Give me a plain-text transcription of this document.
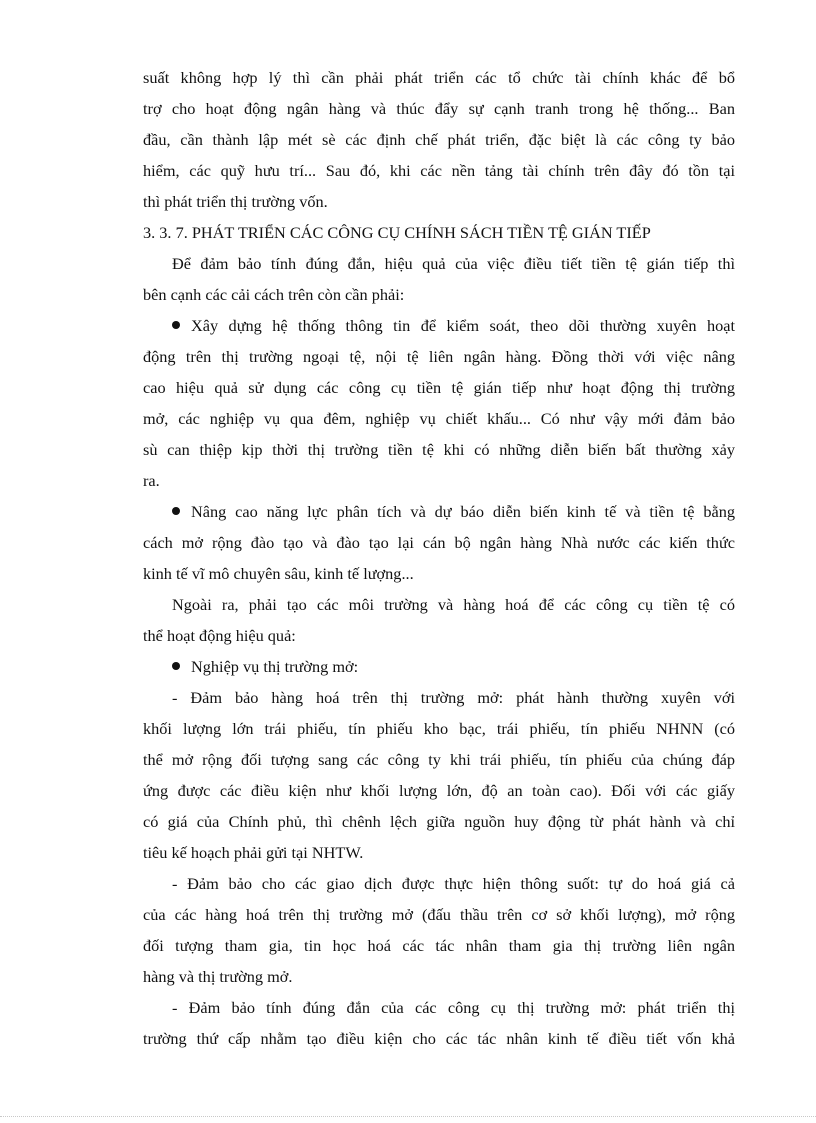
suất không hợp lý thì cần phải phát triển các tổ chức tài chính khác để bổ
trợ cho hoạt động ngân hàng và thúc đẩy sự cạnh tranh trong hệ thống... Ban
đầu, cần thành lập mét sè các định chế phát triển, đặc biệt là các công ty bảo
hiểm, các quỹ hưu trí... Sau đó, khi các nền tảng tài chính trên đây đó tồn tại
thì phát triển thị trường vốn.
3. 3. 7. PHÁT TRIỂN CÁC CÔNG CỤ CHÍNH SÁCH TIỀN TỆ GIÁN TIẾP
Để đảm bảo tính đúng đắn, hiệu quả của việc điều tiết tiền tệ gián tiếp thì
bên cạnh các cải cách trên còn cần phải:
Xây dựng hệ thống thông tin để kiểm soát, theo dõi thường xuyên hoạt
động trên thị trường ngoại tệ, nội tệ liên ngân hàng. Đồng thời với việc nâng
cao hiệu quả sử dụng các công cụ tiền tệ gián tiếp như hoạt động thị trường
mở, các nghiệp vụ qua đêm, nghiệp vụ chiết khấu... Có như vậy mới đảm bảo
sù can thiệp kịp thời thị trường tiền tệ khi có những diễn biến bất thường xảy
ra.
Nâng cao năng lực phân tích và dự báo diễn biến kinh tế và tiền tệ bằng
cách mở rộng đào tạo và đào tạo lại cán bộ ngân hàng Nhà nước các kiến thức
kinh tế vĩ mô chuyên sâu, kinh tế lượng...
Ngoài ra, phải tạo các môi trường và hàng hoá để các công cụ tiền tệ có
thể hoạt động hiệu quả:
Nghiệp vụ thị trường mở:
- Đảm bảo hàng hoá trên thị trường mở: phát hành thường xuyên với
khối lượng lớn trái phiếu, tín phiếu kho bạc, trái phiếu, tín phiếu NHNN (có
thể mở rộng đối tượng sang các công ty khi trái phiếu, tín phiếu của chúng đáp
ứng được các điều kiện như khối lượng lớn, độ an toàn cao). Đối với các giấy
có giá của Chính phủ, thì chênh lệch giữa nguồn huy động từ phát hành và chỉ
tiêu kế hoạch phải gửi tại NHTW.
- Đảm bảo cho các giao dịch được thực hiện thông suốt: tự do hoá giá cả
của các hàng hoá trên thị trường mở (đấu thầu trên cơ sở khối lượng), mở rộng
đối tượng tham gia, tin học hoá các tác nhân tham gia thị trường liên ngân
hàng và thị trường mở.
- Đảm bảo tính đúng đắn của các công cụ thị trường mở: phát triển thị
trường thứ cấp nhằm tạo điều kiện cho các tác nhân kinh tế điều tiết vốn khả
